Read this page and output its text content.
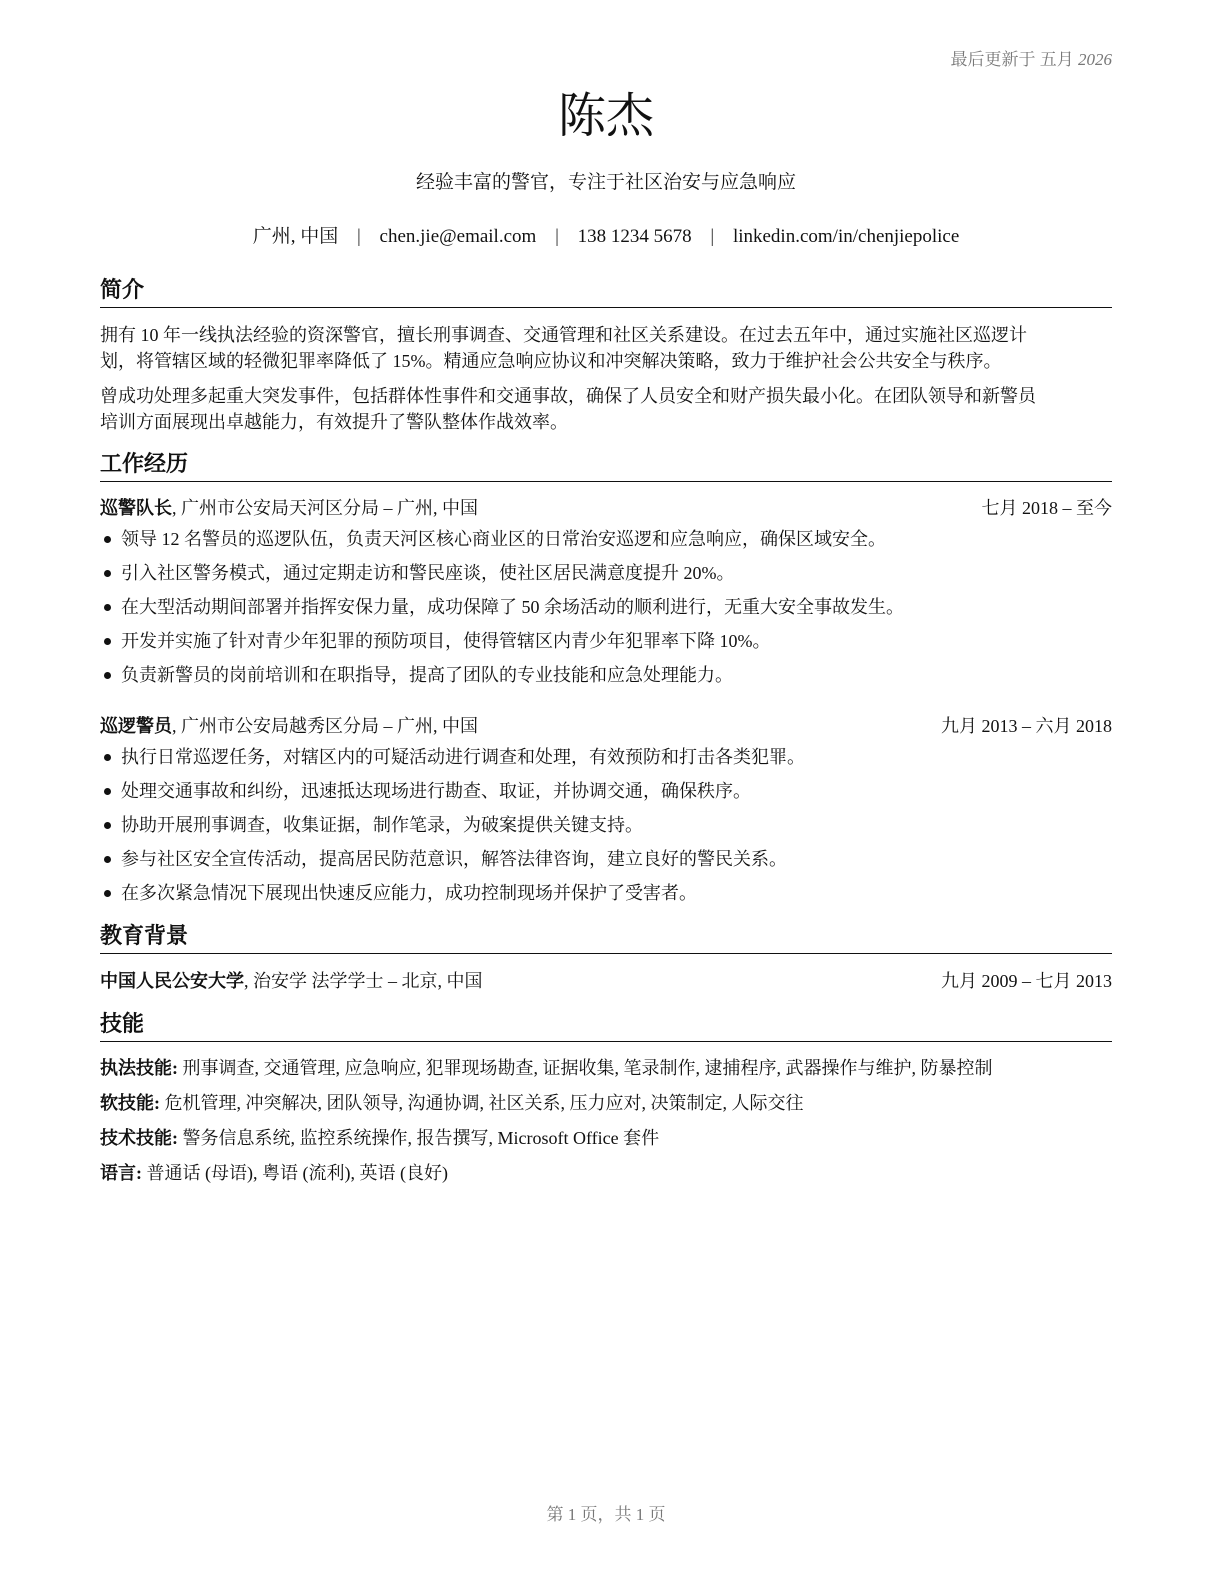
最后更新于 五月 2026
陈杰
经验丰富的警官，专注于社区治安与应急响应
广州, 中国 | chen.jie@email.com | 138 1234 5678 | linkedin.com/in/chenjiepolice
简介
拥有 10 年一线执法经验的资深警官，擅长刑事调查、交通管理和社区关系建设。在过去五年中，通过实施社区巡逻计
划，将管辖区域的轻微犯罪率降低了 15%。精通应急响应协议和冲突解决策略，致力于维护社会公共安全与秩序。
曾成功处理多起重大突发事件，包括群体性事件和交通事故，确保了人员安全和财产损失最小化。在团队领导和新警员
培训方面展现出卓越能力，有效提升了警队整体作战效率。
工作经历
巡警队长, 广州市公安局天河区分局 – 广州, 中国	七月 2018 – 至今
领导 12 名警员的巡逻队伍，负责天河区核心商业区的日常治安巡逻和应急响应，确保区域安全。
引入社区警务模式，通过定期走访和警民座谈，使社区居民满意度提升 20%。
在大型活动期间部署并指挥安保力量，成功保障了 50 余场活动的顺利进行，无重大安全事故发生。
开发并实施了针对青少年犯罪的预防项目，使得管辖区内青少年犯罪率下降 10%。
负责新警员的岗前培训和在职指导，提高了团队的专业技能和应急处理能力。
巡逻警员, 广州市公安局越秀区分局 – 广州, 中国	九月 2013 – 六月 2018
执行日常巡逻任务，对辖区内的可疑活动进行调查和处理，有效预防和打击各类犯罪。
处理交通事故和纠纷，迅速抵达现场进行勘查、取证，并协调交通，确保秩序。
协助开展刑事调查，收集证据，制作笔录，为破案提供关键支持。
参与社区安全宣传活动，提高居民防范意识，解答法律咨询，建立良好的警民关系。
在多次紧急情况下展现出快速反应能力，成功控制现场并保护了受害者。
教育背景
中国人民公安大学, 治安学 法学学士 – 北京, 中国	九月 2009 – 七月 2013
技能
执法技能: 刑事调查, 交通管理, 应急响应, 犯罪现场勘查, 证据收集, 笔录制作, 逮捕程序, 武器操作与维护, 防暴控制
软技能: 危机管理, 冲突解决, 团队领导, 沟通协调, 社区关系, 压力应对, 决策制定, 人际交往
技术技能: 警务信息系统, 监控系统操作, 报告撰写, Microsoft Office 套件
语言: 普通话 (母语), 粤语 (流利), 英语 (良好)
第 1 页，共 1 页
